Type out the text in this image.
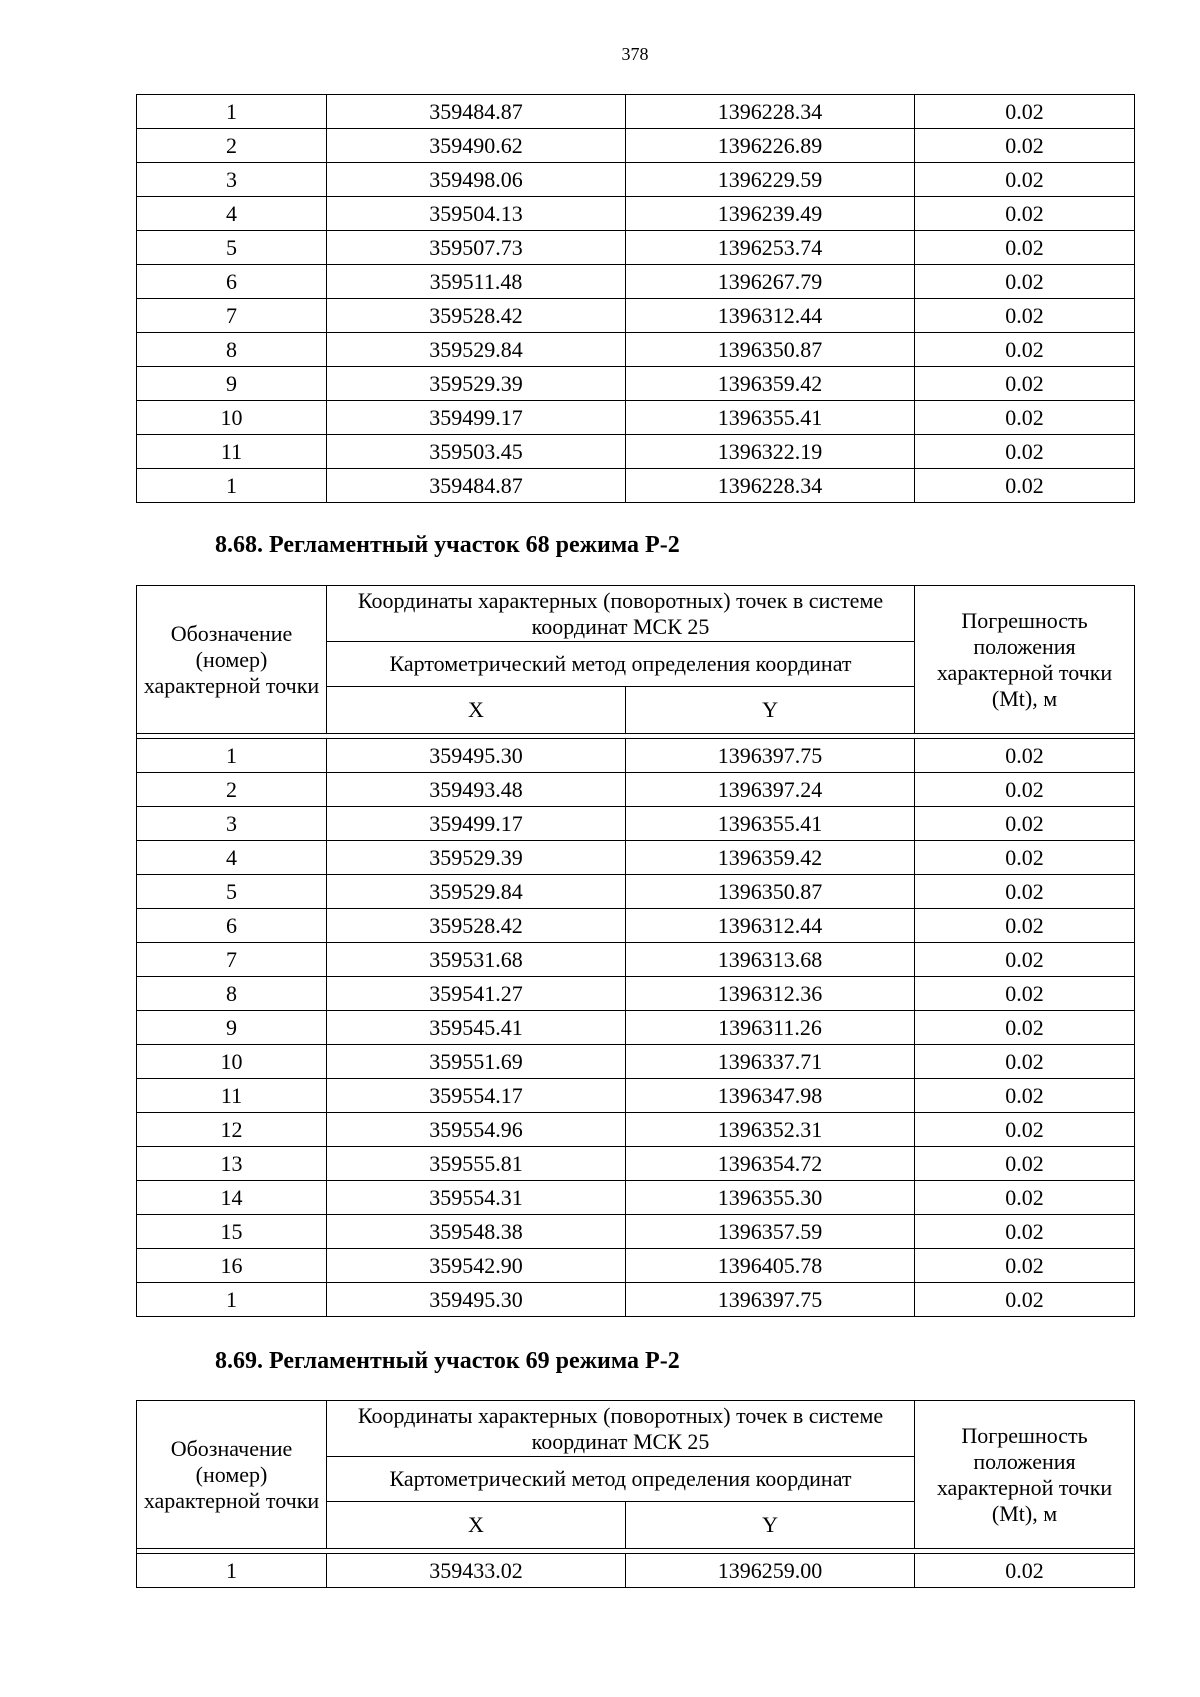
378
1	359484.87	1396228.34	0.02
2	359490.62	1396226.89	0.02
3	359498.06	1396229.59	0.02
4	359504.13	1396239.49	0.02
5	359507.73	1396253.74	0.02
6	359511.48	1396267.79	0.02
7	359528.42	1396312.44	0.02
8	359529.84	1396350.87	0.02
9	359529.39	1396359.42	0.02
10	359499.17	1396355.41	0.02
11	359503.45	1396322.19	0.02
1	359484.87	1396228.34	0.02
8.68. Регламентный участок 68 режима Р-2
Обозначение (номер) характерной точки	Координаты характерных (поворотных) точек в системе координат МСК 25		Погрешность положения характерной точки (Mt), м
	Картометрический метод определения координат		
	X	Y	

1	359495.30	1396397.75	0.02
2	359493.48	1396397.24	0.02
3	359499.17	1396355.41	0.02
4	359529.39	1396359.42	0.02
5	359529.84	1396350.87	0.02
6	359528.42	1396312.44	0.02
7	359531.68	1396313.68	0.02
8	359541.27	1396312.36	0.02
9	359545.41	1396311.26	0.02
10	359551.69	1396337.71	0.02
11	359554.17	1396347.98	0.02
12	359554.96	1396352.31	0.02
13	359555.81	1396354.72	0.02
14	359554.31	1396355.30	0.02
15	359548.38	1396357.59	0.02
16	359542.90	1396405.78	0.02
1	359495.30	1396397.75	0.02
8.69. Регламентный участок 69 режима Р-2
Обозначение (номер) характерной точки	Координаты характерных (поворотных) точек в системе координат МСК 25		Погрешность положения характерной точки (Mt), м
	Картометрический метод определения координат		
	X	Y	

1	359433.02	1396259.00	0.02
